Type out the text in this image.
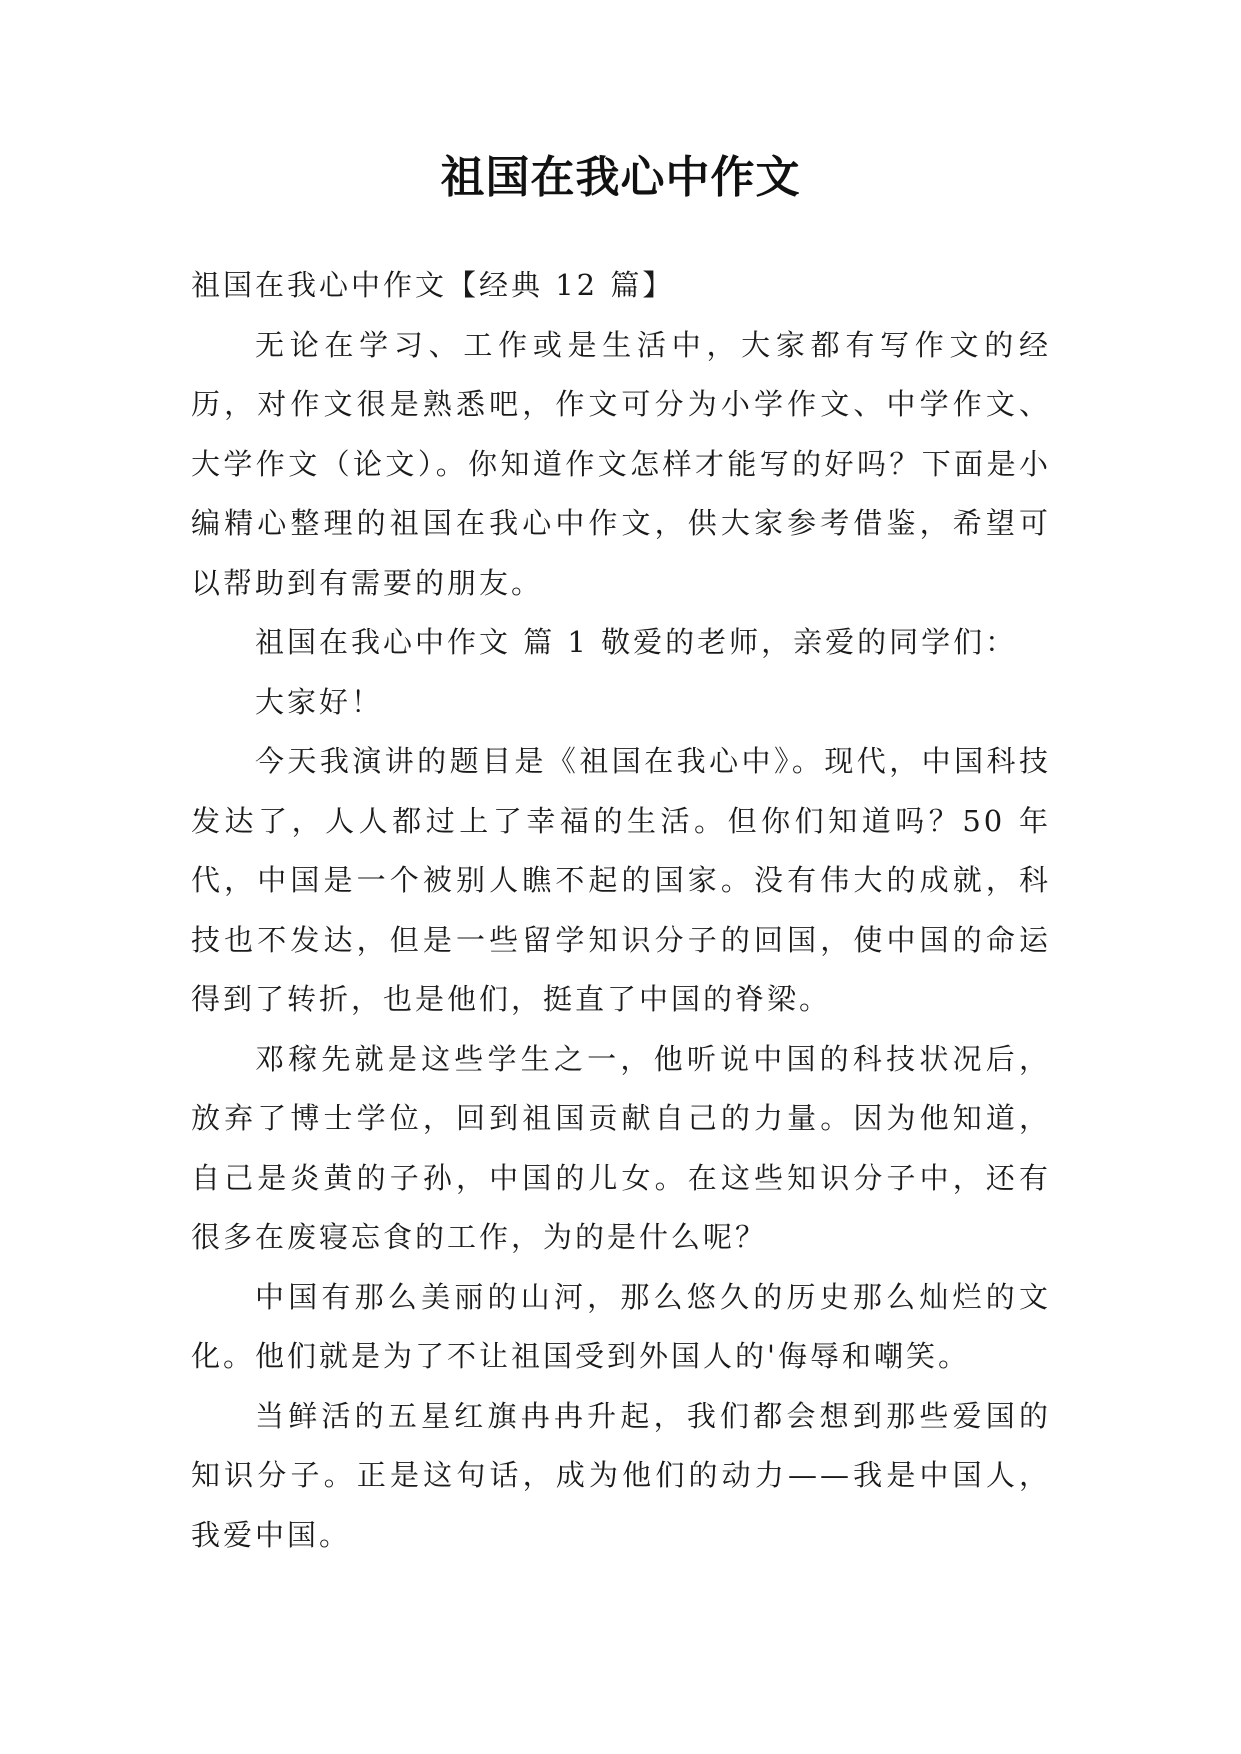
祖国在我心中作文

祖国在我心中作文【经典 12 篇】

无论在学习、工作或是生活中，大家都有写作文的经历，对作文很是熟悉吧，作文可分为小学作文、中学作文、大学作文（论文）。你知道作文怎样才能写的好吗？下面是小编精心整理的祖国在我心中作文，供大家参考借鉴，希望可以帮助到有需要的朋友。

祖国在我心中作文 篇 1 敬爱的老师，亲爱的同学们：

大家好！

今天我演讲的题目是《祖国在我心中》。现代，中国科技发达了，人人都过上了幸福的生活。但你们知道吗？50 年代，中国是一个被别人瞧不起的国家。没有伟大的成就，科技也不发达，但是一些留学知识分子的回国，使中国的命运得到了转折，也是他们，挺直了中国的脊梁。

邓稼先就是这些学生之一，他听说中国的科技状况后，放弃了博士学位，回到祖国贡献自己的力量。因为他知道，自己是炎黄的子孙，中国的儿女。在这些知识分子中，还有很多在废寝忘食的工作，为的是什么呢？

中国有那么美丽的山河，那么悠久的历史那么灿烂的文化。他们就是为了不让祖国受到外国人的'侮辱和嘲笑。

当鲜活的五星红旗冉冉升起，我们都会想到那些爱国的知识分子。正是这句话，成为他们的动力——我是中国人，我爱中国。
